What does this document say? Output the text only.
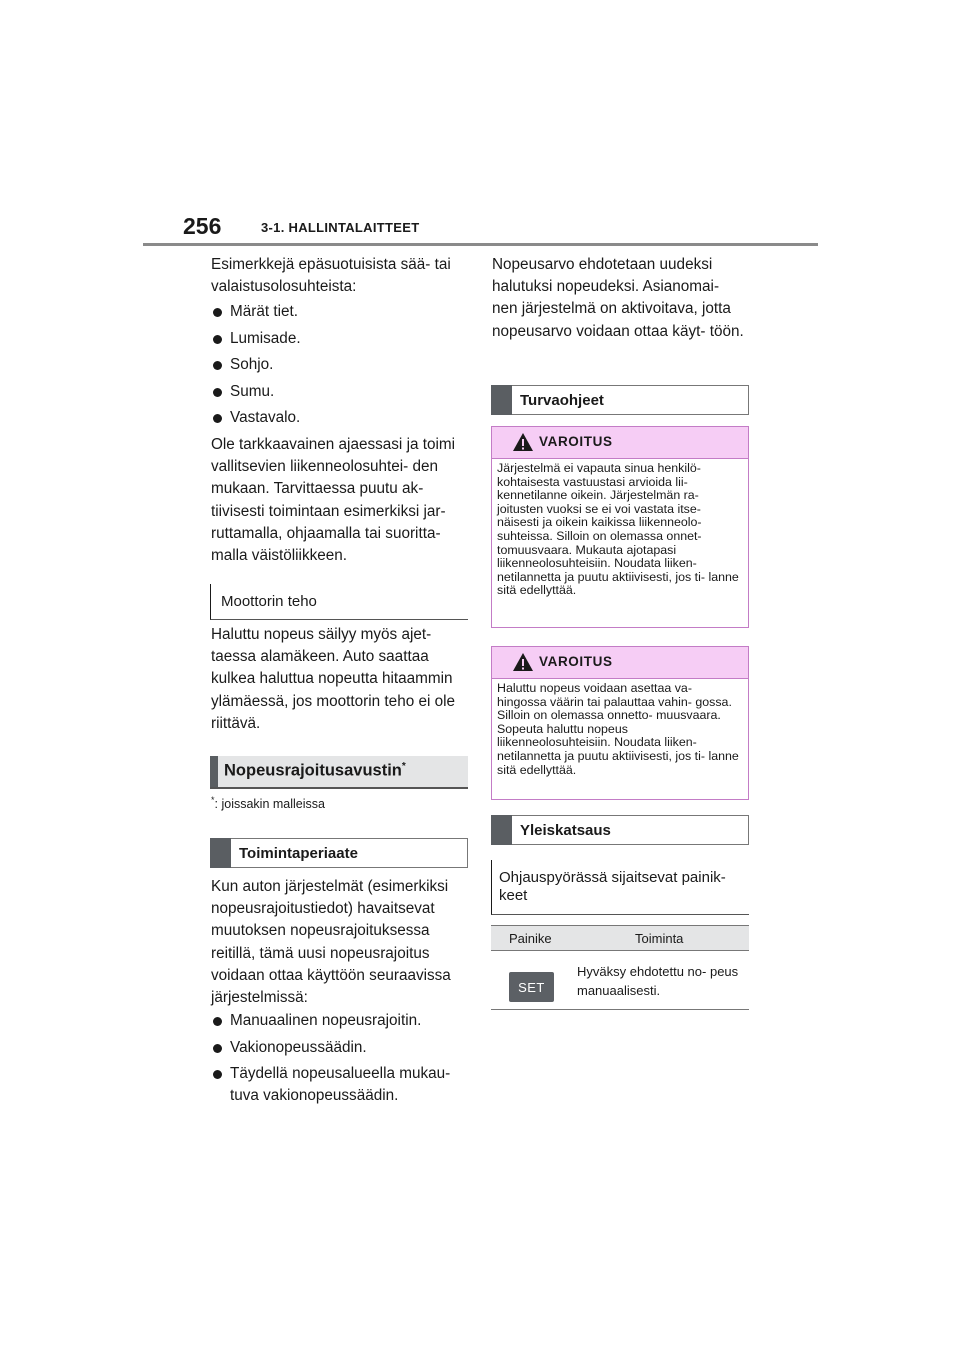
256	3-1. HALLINTALAITTEET
Esimerkkejä epäsuotuisista sää- tai valaistusolosuhteista:
Märät tiet.
Lumisade.
Sohjo.
Sumu.
Vastavalo.
Ole tarkkaavainen ajaessasi ja toimi vallitsevien liikenneolosuhtei- den mukaan. Tarvittaessa puutu ak- tiivisesti toimintaan esimerkiksi jar- ruttamalla, ohjaamalla tai suoritta- malla väistöliikkeen.
Moottorin teho
Haluttu nopeus säilyy myös ajet- taessa alamäkeen. Auto saattaa kulkea haluttua nopeutta hitaammin ylämäessä, jos moottorin teho ei ole riittävä.
Nopeusrajoitusavustin*
*: joissakin malleissa
Toimintaperiaate
Kun auton järjestelmät (esimerkiksi nopeusrajoitustiedot) havaitsevat muutoksen nopeusrajoituksessa reitillä, tämä uusi nopeusrajoitus voidaan ottaa käyttöön seuraavissa järjestelmissä:
Manuaalinen nopeusrajoitin.
Vakionopeussäädin.
Täydellä nopeusalueella mukau- tuva vakionopeussäädin.
Nopeusarvo ehdotetaan uudeksi halutuksi nopeudeksi. Asianomai- nen järjestelmä on aktivoitava, jotta nopeusarvo voidaan ottaa käyt- töön.
Turvaohjeet
VAROITUS
Järjestelmä ei vapauta sinua henkilö- kohtaisesta vastuustasi arvioida lii- kennetilanne oikein. Järjestelmän ra- joitusten vuoksi se ei voi vastata itse- näisesti ja oikein kaikissa liikenneolo- suhteissa. Silloin on olemassa onnet- tomuusvaara. Mukauta ajotapasi liikenneolosuhteisiin. Noudata liiken- netilannetta ja puutu aktiivisesti, jos ti- lanne sitä edellyttää.
VAROITUS
Haluttu nopeus voidaan asettaa va- hingossa väärin tai palauttaa vahin- gossa. Silloin on olemassa onnetto- muusvaara. Sopeuta haluttu nopeus liikenneolosuhteisiin. Noudata liiken- netilannetta ja puutu aktiivisesti, jos ti- lanne sitä edellyttää.
Yleiskatsaus
Ohjauspyörässä sijaitsevat painik- keet
Painike	Toiminta
SET
Hyväksy ehdotettu no- peus manuaalisesti.
